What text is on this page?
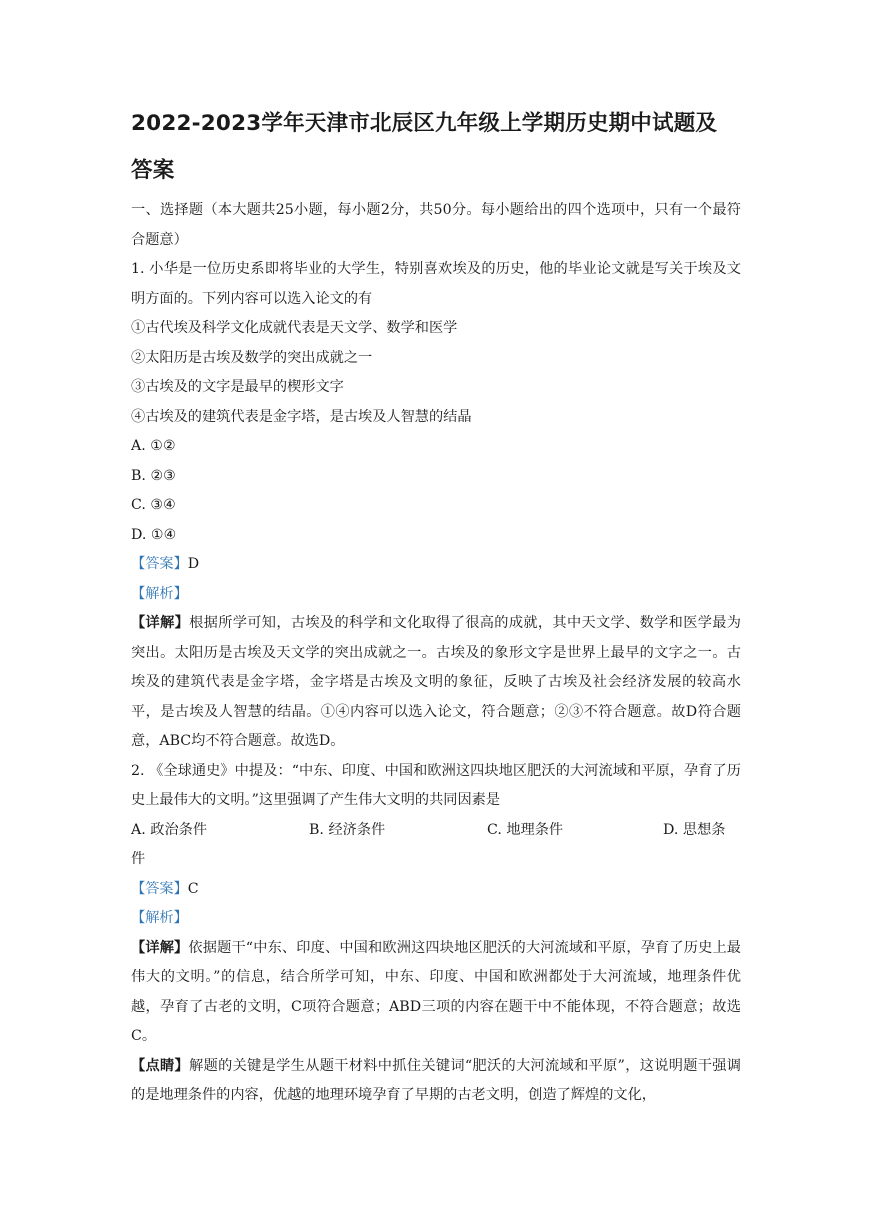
2022-2023学年天津市北辰区九年级上学期历史期中试题及
答案
一、选择题（本大题共25小题，每小题2分，共50分。每小题给出的四个选项中，只有一个最符合题意）
1. 小华是一位历史系即将毕业的大学生，特别喜欢埃及的历史，他的毕业论文就是写关于埃及文明方面的。下列内容可以选入论文的有
①古代埃及科学文化成就代表是天文学、数学和医学
②太阳历是古埃及数学的突出成就之一
③古埃及的文字是最早的楔形文字
④古埃及的建筑代表是金字塔，是古埃及人智慧的结晶
A. ①②
B. ②③
C. ③④
D. ①④
【答案】D
【解析】
【详解】根据所学可知，古埃及的科学和文化取得了很高的成就，其中天文学、数学和医学最为突出。太阳历是古埃及天文学的突出成就之一。古埃及的象形文字是世界上最早的文字之一。古埃及的建筑代表是金字塔，金字塔是古埃及文明的象征，反映了古埃及社会经济发展的较高水平，是古埃及人智慧的结晶。①④内容可以选入论文，符合题意；②③不符合题意。故D符合题意，ABC均不符合题意。故选D。
2. 《全球通史》中提及：“中东、印度、中国和欧洲这四块地区肥沃的大河流域和平原，孕育了历史上最伟大的文明。”这里强调了产生伟大文明的共同因素是
A. 政治条件	B. 经济条件	C. 地理条件	D. 思想条
件
【答案】C
【解析】
【详解】依据题干“中东、印度、中国和欧洲这四块地区肥沃的大河流域和平原，孕育了历史上最伟大的文明。”的信息，结合所学可知，中东、印度、中国和欧洲都处于大河流域，地理条件优越，孕育了古老的文明，C项符合题意；ABD三项的内容在题干中不能体现，不符合题意；故选C。
【点睛】解题的关键是学生从题干材料中抓住关键词“肥沃的大河流域和平原”，这说明题干强调的是地理条件的内容，优越的地理环境孕育了早期的古老文明，创造了辉煌的文化，
